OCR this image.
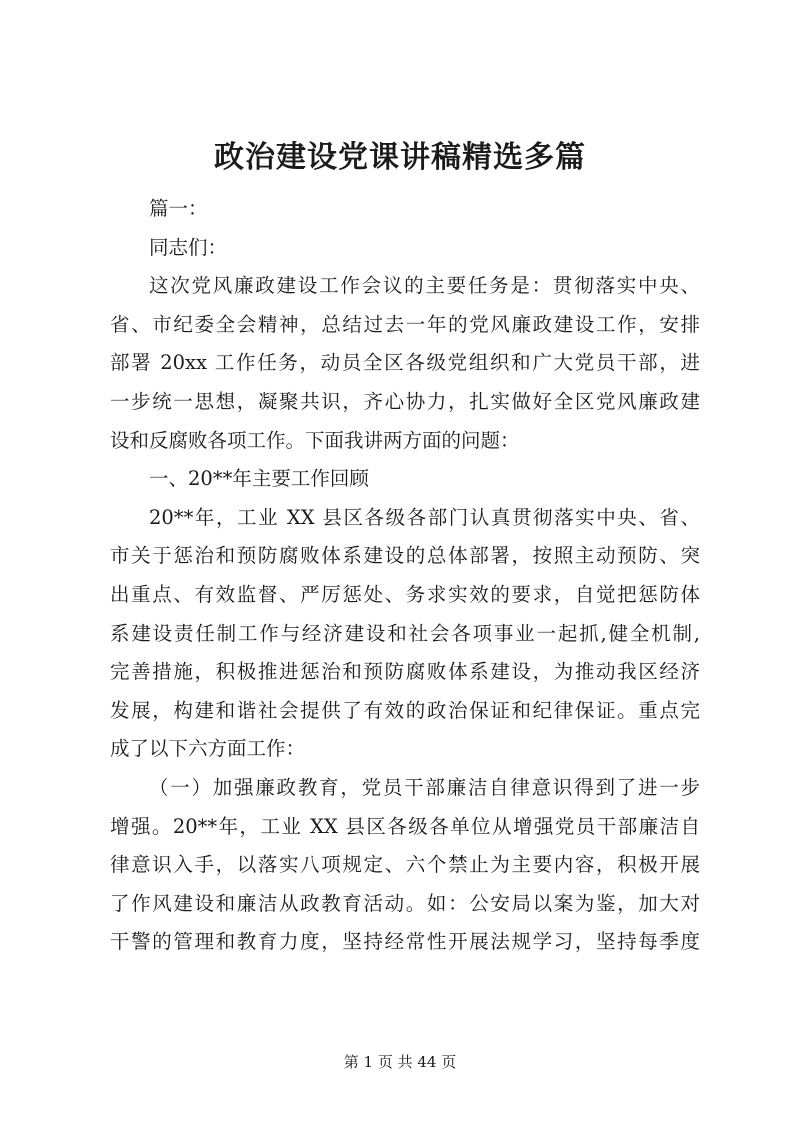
政治建设党课讲稿精选多篇
篇一：
同志们：
这次党风廉政建设工作会议的主要任务是：贯彻落实中央、
省、市纪委全会精神，总结过去一年的党风廉政建设工作，安排
部署 20xx 工作任务，动员全区各级党组织和广大党员干部，进
一步统一思想，凝聚共识，齐心协力，扎实做好全区党风廉政建
设和反腐败各项工作。下面我讲两方面的问题：
一、20**年主要工作回顾
20**年，工业 XX 县区各级各部门认真贯彻落实中央、省、
市关于惩治和预防腐败体系建设的总体部署，按照主动预防、突
出重点、有效监督、严厉惩处、务求实效的要求，自觉把惩防体
系建设责任制工作与经济建设和社会各项事业一起抓,健全机制,
完善措施，积极推进惩治和预防腐败体系建设，为推动我区经济
发展，构建和谐社会提供了有效的政治保证和纪律保证。重点完
成了以下六方面工作：
（一）加强廉政教育，党员干部廉洁自律意识得到了进一步
增强。20**年，工业 XX 县区各级各单位从增强党员干部廉洁自
律意识入手，以落实八项规定、六个禁止为主要内容，积极开展
了作风建设和廉洁从政教育活动。如：公安局以案为鉴，加大对
干警的管理和教育力度，坚持经常性开展法规学习，坚持每季度
第 1 页 共 44 页
